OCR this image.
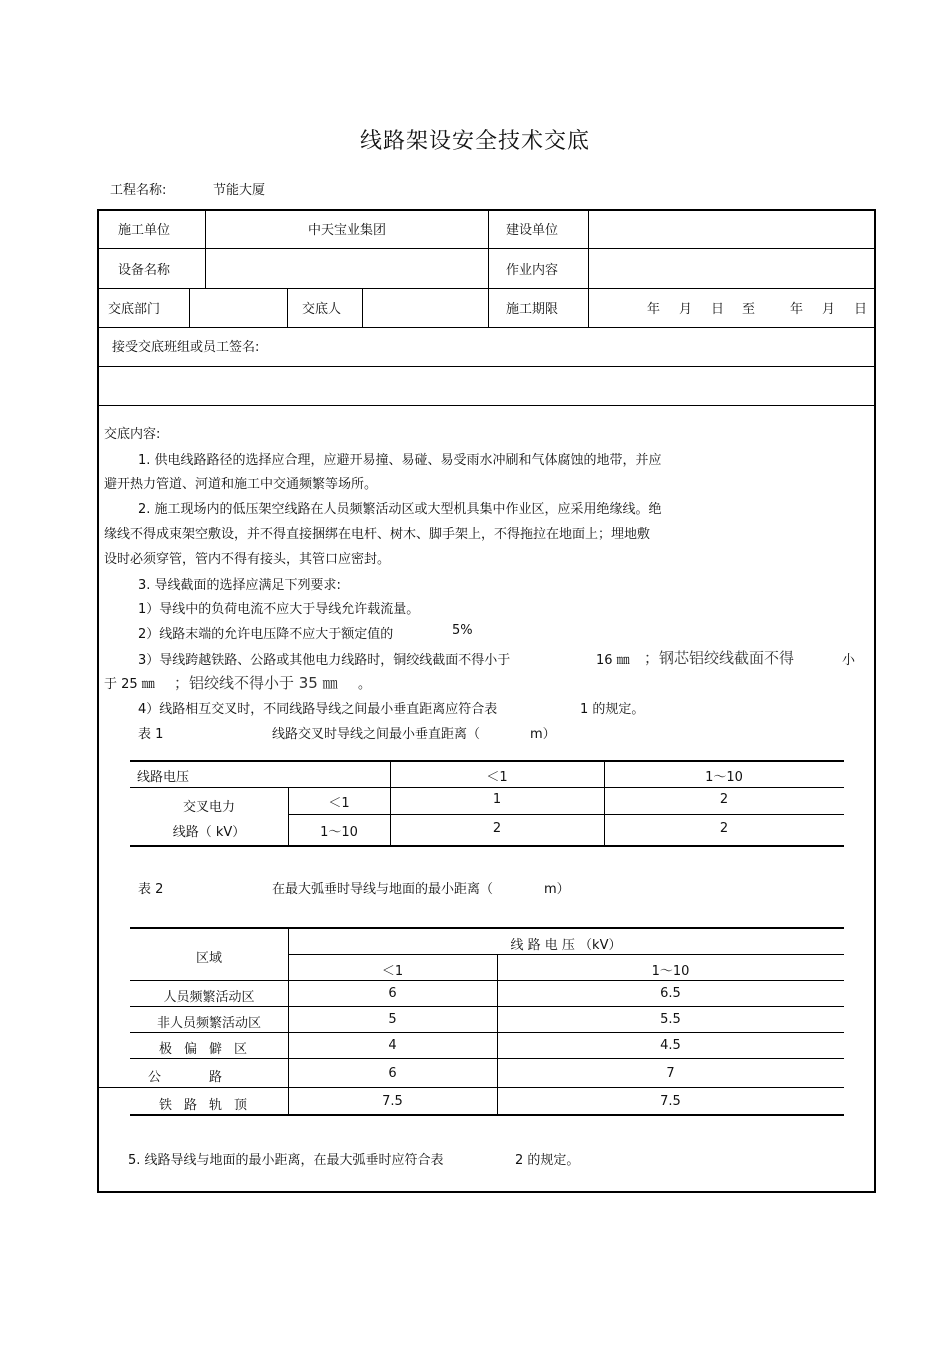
线路架设安全技术交底
工程名称:	节能大厦
施工单位	中天宝业集团	建设单位
设备名称	作业内容
交底部门	交底人	施工期限	年 月 日 至	年 月 日
接受交底班组或员工签名:
交底内容:
1. 供电线路路径的选择应合理，应避开易撞、易碰、易受雨水冲刷和气体腐蚀的地带，并应
避开热力管道、河道和施工中交通频繁等场所。
2. 施工现场内的低压架空线路在人员频繁活动区或大型机具集中作业区，应采用绝缘线。绝
缘线不得成束架空敷设，并不得直接捆绑在电杆、树木、脚手架上，不得拖拉在地面上；埋地敷
设时必须穿管，管内不得有接头，其管口应密封。
3. 导线截面的选择应满足下列要求:
1）导线中的负荷电流不应大于导线允许载流量。
2）线路末端的允许电压降不应大于额定值的	5%
3）导线跨越铁路、公路或其他电力线路时，铜绞线截面不得小于	16 ㎜ ；钢芯铝绞线截面不得	小
于 25 ㎜ ；铝绞线不得小于 35 ㎜ 。
4）线路相互交叉时，不同线路导线之间最小垂直距离应符合表	1 的规定。
表 1	线路交叉时导线之间最小垂直距离（	m）
线路电压	＜1	1～10
交叉电力
线路（ kV）
＜1	1	2
1～10	2	2
表 2	在最大弧垂时导线与地面的最小距离（	m）
区域
线 路 电 压 （kV）
＜1	1～10
人员频繁活动区	6	6.5
非人员频繁活动区	5	5.5
极偏僻区	4	4.5
公路	6	7
铁路轨顶	7.5	7.5
5. 线路导线与地面的最小距离，在最大弧垂时应符合表	2 的规定。
